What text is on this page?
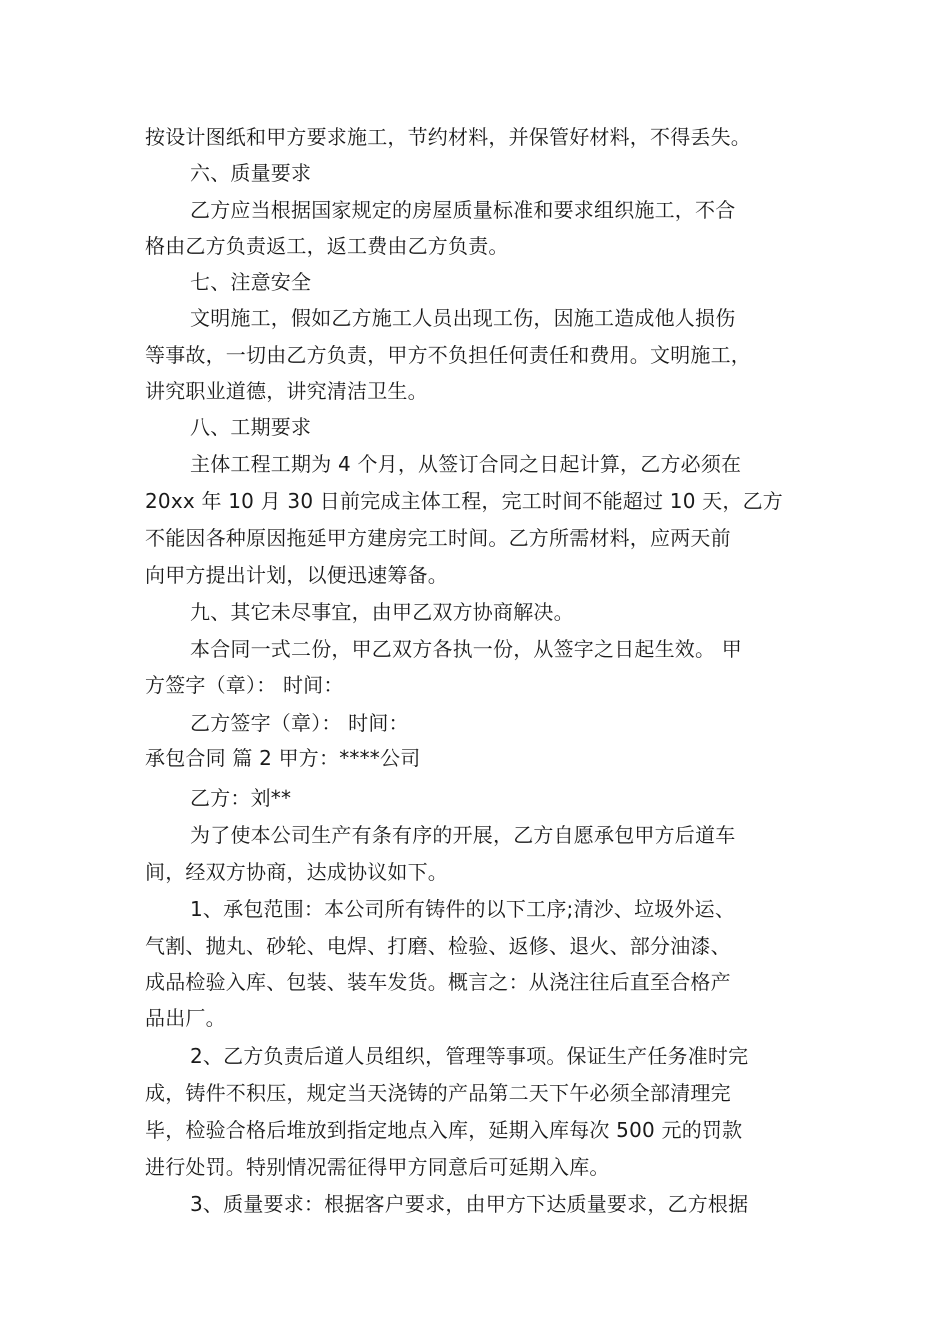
按设计图纸和甲方要求施工，节约材料，并保管好材料，不得丢失。
六、质量要求
乙方应当根据国家规定的房屋质量标准和要求组织施工，不合
格由乙方负责返工，返工费由乙方负责。
七、注意安全
文明施工，假如乙方施工人员出现工伤，因施工造成他人损伤
等事故，一切由乙方负责，甲方不负担任何责任和费用。文明施工，
讲究职业道德，讲究清洁卫生。
八、工期要求
主体工程工期为 4 个月，从签订合同之日起计算，乙方必须在
20xx 年 10 月 30 日前完成主体工程，完工时间不能超过 10 天，乙方
不能因各种原因拖延甲方建房完工时间。乙方所需材料，应两天前
向甲方提出计划，以便迅速筹备。
九、其它未尽事宜，由甲乙双方协商解决。
本合同一式二份，甲乙双方各执一份，从签字之日起生效。 甲
方签字（章）： 时间：
乙方签字（章）： 时间：
承包合同 篇 2 甲方：****公司
乙方：刘**
为了使本公司生产有条有序的开展，乙方自愿承包甲方后道车
间，经双方协商，达成协议如下。
1、承包范围：本公司所有铸件的以下工序;清沙、垃圾外运、
气割、抛丸、砂轮、电焊、打磨、检验、返修、退火、部分油漆、
成品检验入库、包装、装车发货。概言之：从浇注往后直至合格产
品出厂。
2、乙方负责后道人员组织，管理等事项。保证生产任务准时完
成，铸件不积压，规定当天浇铸的产品第二天下午必须全部清理完
毕，检验合格后堆放到指定地点入库，延期入库每次 500 元的罚款
进行处罚。特别情况需征得甲方同意后可延期入库。
3、质量要求：根据客户要求，由甲方下达质量要求，乙方根据
